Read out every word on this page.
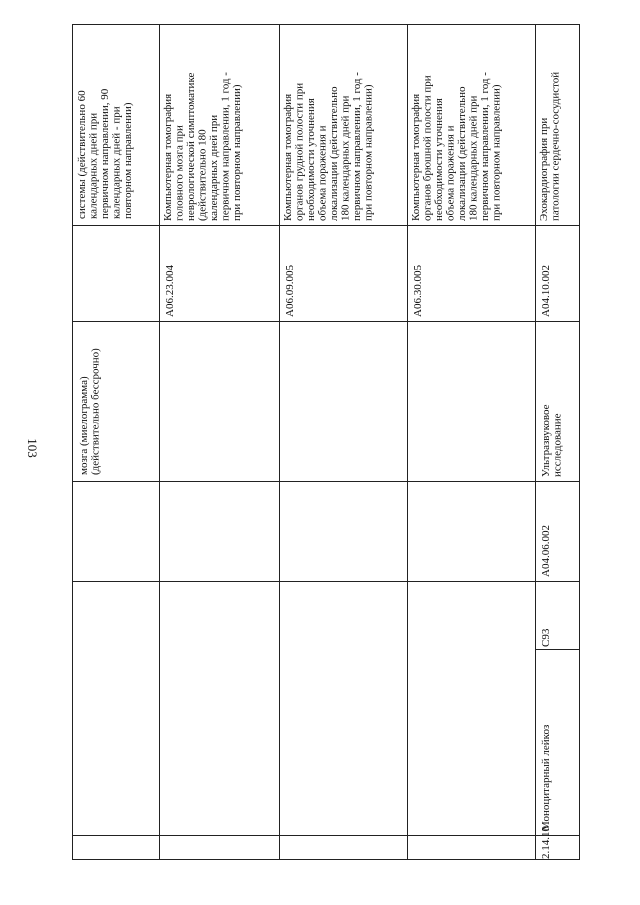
103
мозга (миелограмма)
(действительно бессрочно)
системы (действительно 60
календарных дней при
первичном направлении, 90
календарных дней - при
повторном направлении)
A06.23.004
Компьютерная томография
головного мозга при
неврологической симптоматике
(действительно 180
календарных дней при
первичном направлении, 1 год -
при повторном направлении)
A06.09.005
Компьютерная томография
органов грудной полости при
необходимости уточнения
объема поражения и
локализации (действительно
180 календарных дней при
первичном направлении, 1 год -
при повторном направлении)
A06.30.005
Компьютерная томография
органов брюшной полости при
необходимости уточнения
объема поражения и
локализации (действительно
180 календарных дней при
первичном направлении, 1 год -
при повторном направлении)
2.14.10
Моноцитарный лейкоз
C93
A04.06.002
Ультразвуковое
исследование
A04.10.002
Эхокардиография при
патологии сердечно-сосудистой
